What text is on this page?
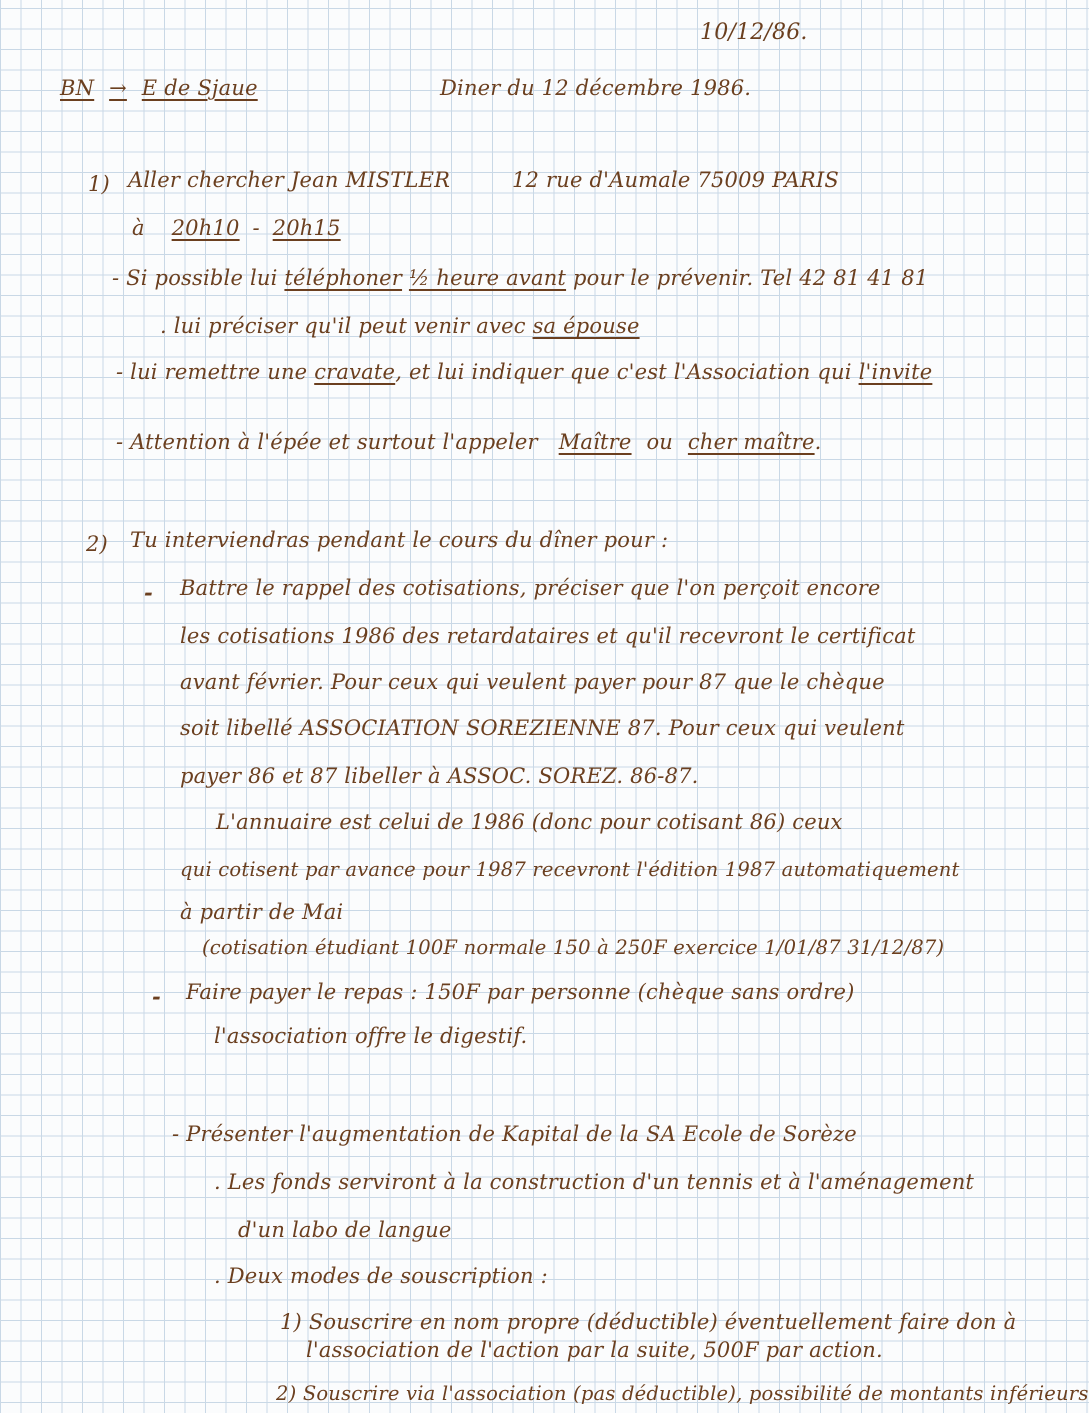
10/12/86.
BN → E de Sjaue	Diner du 12 décembre 1986.
1) Aller chercher Jean MISTLER	12 rue d'Aumale 75009 PARIS
à 20h10 - 20h15
- Si possible lui téléphoner ½ heure avant pour le prévenir. Tel 42 81 41 81
. lui préciser qu'il peut venir avec sa épouse
- lui remettre une cravate, et lui indiquer que c'est l'Association qui l'invite
- Attention à l'épée et surtout l'appeler Maître ou cher maître.
2) Tu interviendras pendant le cours du dîner pour :
- Battre le rappel des cotisations, préciser que l'on perçoit encore
les cotisations 1986 des retardataires et qu'il recevront le certificat
avant février. Pour ceux qui veulent payer pour 87 que le chèque
soit libellé ASSOCIATION SOREZIENNE 87. Pour ceux qui veulent
payer 86 et 87 libeller à ASSOC. SOREZ. 86-87.
L'annuaire est celui de 1986 (donc pour cotisant 86) ceux
qui cotisent par avance pour 1987 recevront l'édition 1987 automatiquement
à partir de Mai
(cotisation étudiant 100F normale 150 à 250F exercice 1/01/87 31/12/87)
- Faire payer le repas : 150F par personne (chèque sans ordre)
l'association offre le digestif.
- Présenter l'augmentation de Kapital de la SA Ecole de Sorèze
. Les fonds serviront à la construction d'un tennis et à l'aménagement
d'un labo de langue
. Deux modes de souscription :
1) Souscrire en nom propre (déductible) éventuellement faire don à
l'association de l'action par la suite, 500F par action.
2) Souscrire via l'association (pas déductible), possibilité de montants inférieurs
